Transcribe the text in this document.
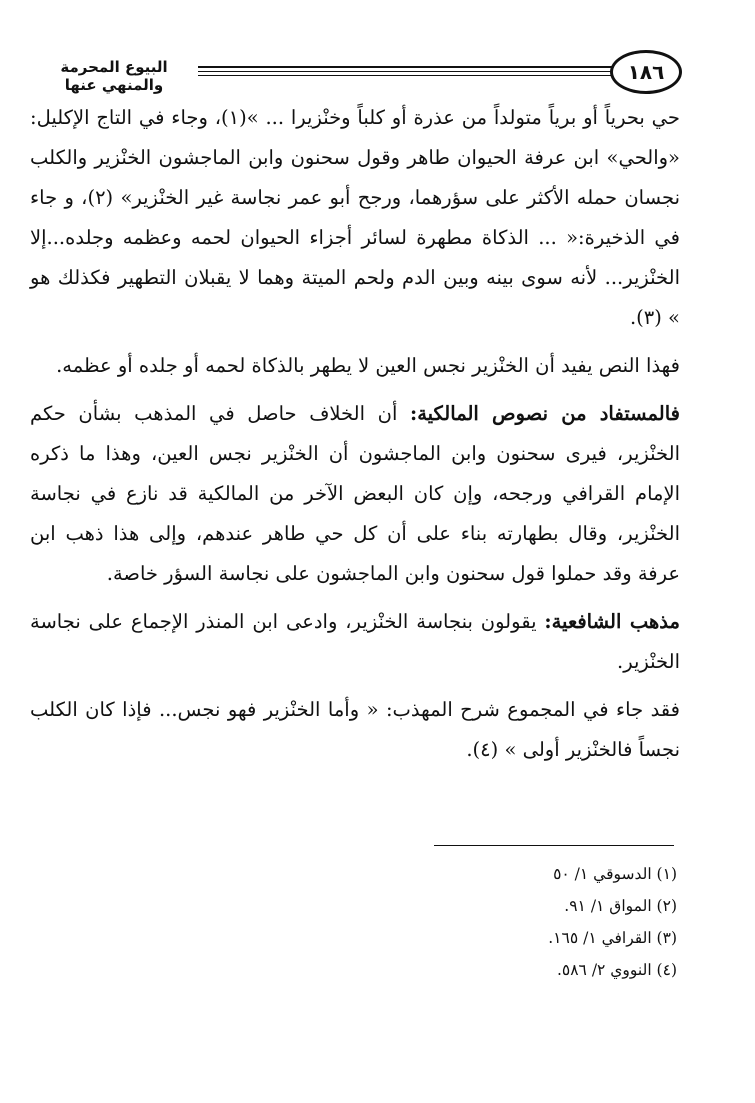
١٨٦
البيوع المحرمة والمنهي عنها

حي بحرياً أو برياً متولداً من عذرة أو كلباً وخنْزيرا ... »(١)، وجاء في التاج الإكليل: «والحي» ابن عرفة الحيوان طاهر وقول سحنون وابن الماجشون الخنْزير والكلب نجسان حمله الأكثر على سؤرهما، ورجح أبو عمر نجاسة غير الخنْزير» (٢)، و جاء في الذخيرة:« ... الذكاة مطهرة لسائر أجزاء الحيوان لحمه وعظمه وجلده...إلا الخنْزير... لأنه سوى بينه وبين الدم ولحم الميتة وهما لا يقبلان التطهير فكذلك هو » (٣).

فهذا النص يفيد أن الخنْزير نجس العين لا يطهر بالذكاة لحمه أو جلده أو عظمه.

فالمستفاد من نصوص المالكية: أن الخلاف حاصل في المذهب بشأن حكم الخنْزير، فيرى سحنون وابن الماجشون أن الخنْزير نجس العين، وهذا ما ذكره الإمام القرافي ورجحه، وإن كان البعض الآخر من المالكية قد نازع في نجاسة الخنْزير، وقال بطهارته بناء على أن كل حي طاهر عندهم، وإلى هذا ذهب ابن عرفة وقد حملوا قول سحنون وابن الماجشون على نجاسة السؤر خاصة.

مذهب الشافعية: يقولون بنجاسة الخنْزير، وادعى ابن المنذر الإجماع على نجاسة الخنْزير.

فقد جاء في المجموع شرح المهذب: « وأما الخنْزير فهو نجس... فإذا كان الكلب نجساً فالخنْزير أولى » (٤).

(١) الدسوقي ١/ ٥٠
(٢) المواق ١/ ٩١.
(٣) القرافي ١/ ١٦٥.
(٤) النووي ٢/ ٥٨٦.
